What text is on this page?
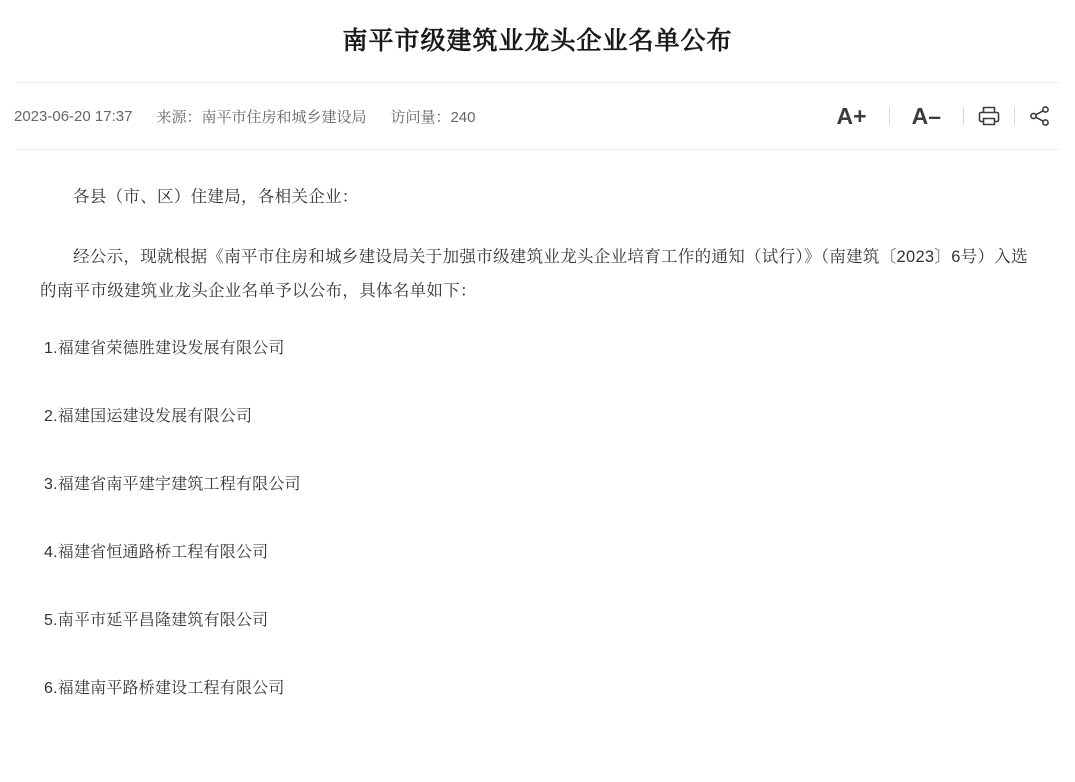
南平市级建筑业龙头企业名单公布
2023-06-20 17:37 来源：南平市住房和城乡建设局 访问量：240	A+	A–

各县（市、区）住建局，各相关企业：

经公示，现就根据《南平市住房和城乡建设局关于加强市级建筑业龙头企业培育工作的通知（试行）》（南建筑〔2023〕6号）入选的南平市级建筑业龙头企业名单予以公布，具体名单如下：

1.福建省荣德胜建设发展有限公司

2.福建国运建设发展有限公司

3.福建省南平建宇建筑工程有限公司

4.福建省恒通路桥工程有限公司

5.南平市延平昌隆建筑有限公司

6.福建南平路桥建设工程有限公司
